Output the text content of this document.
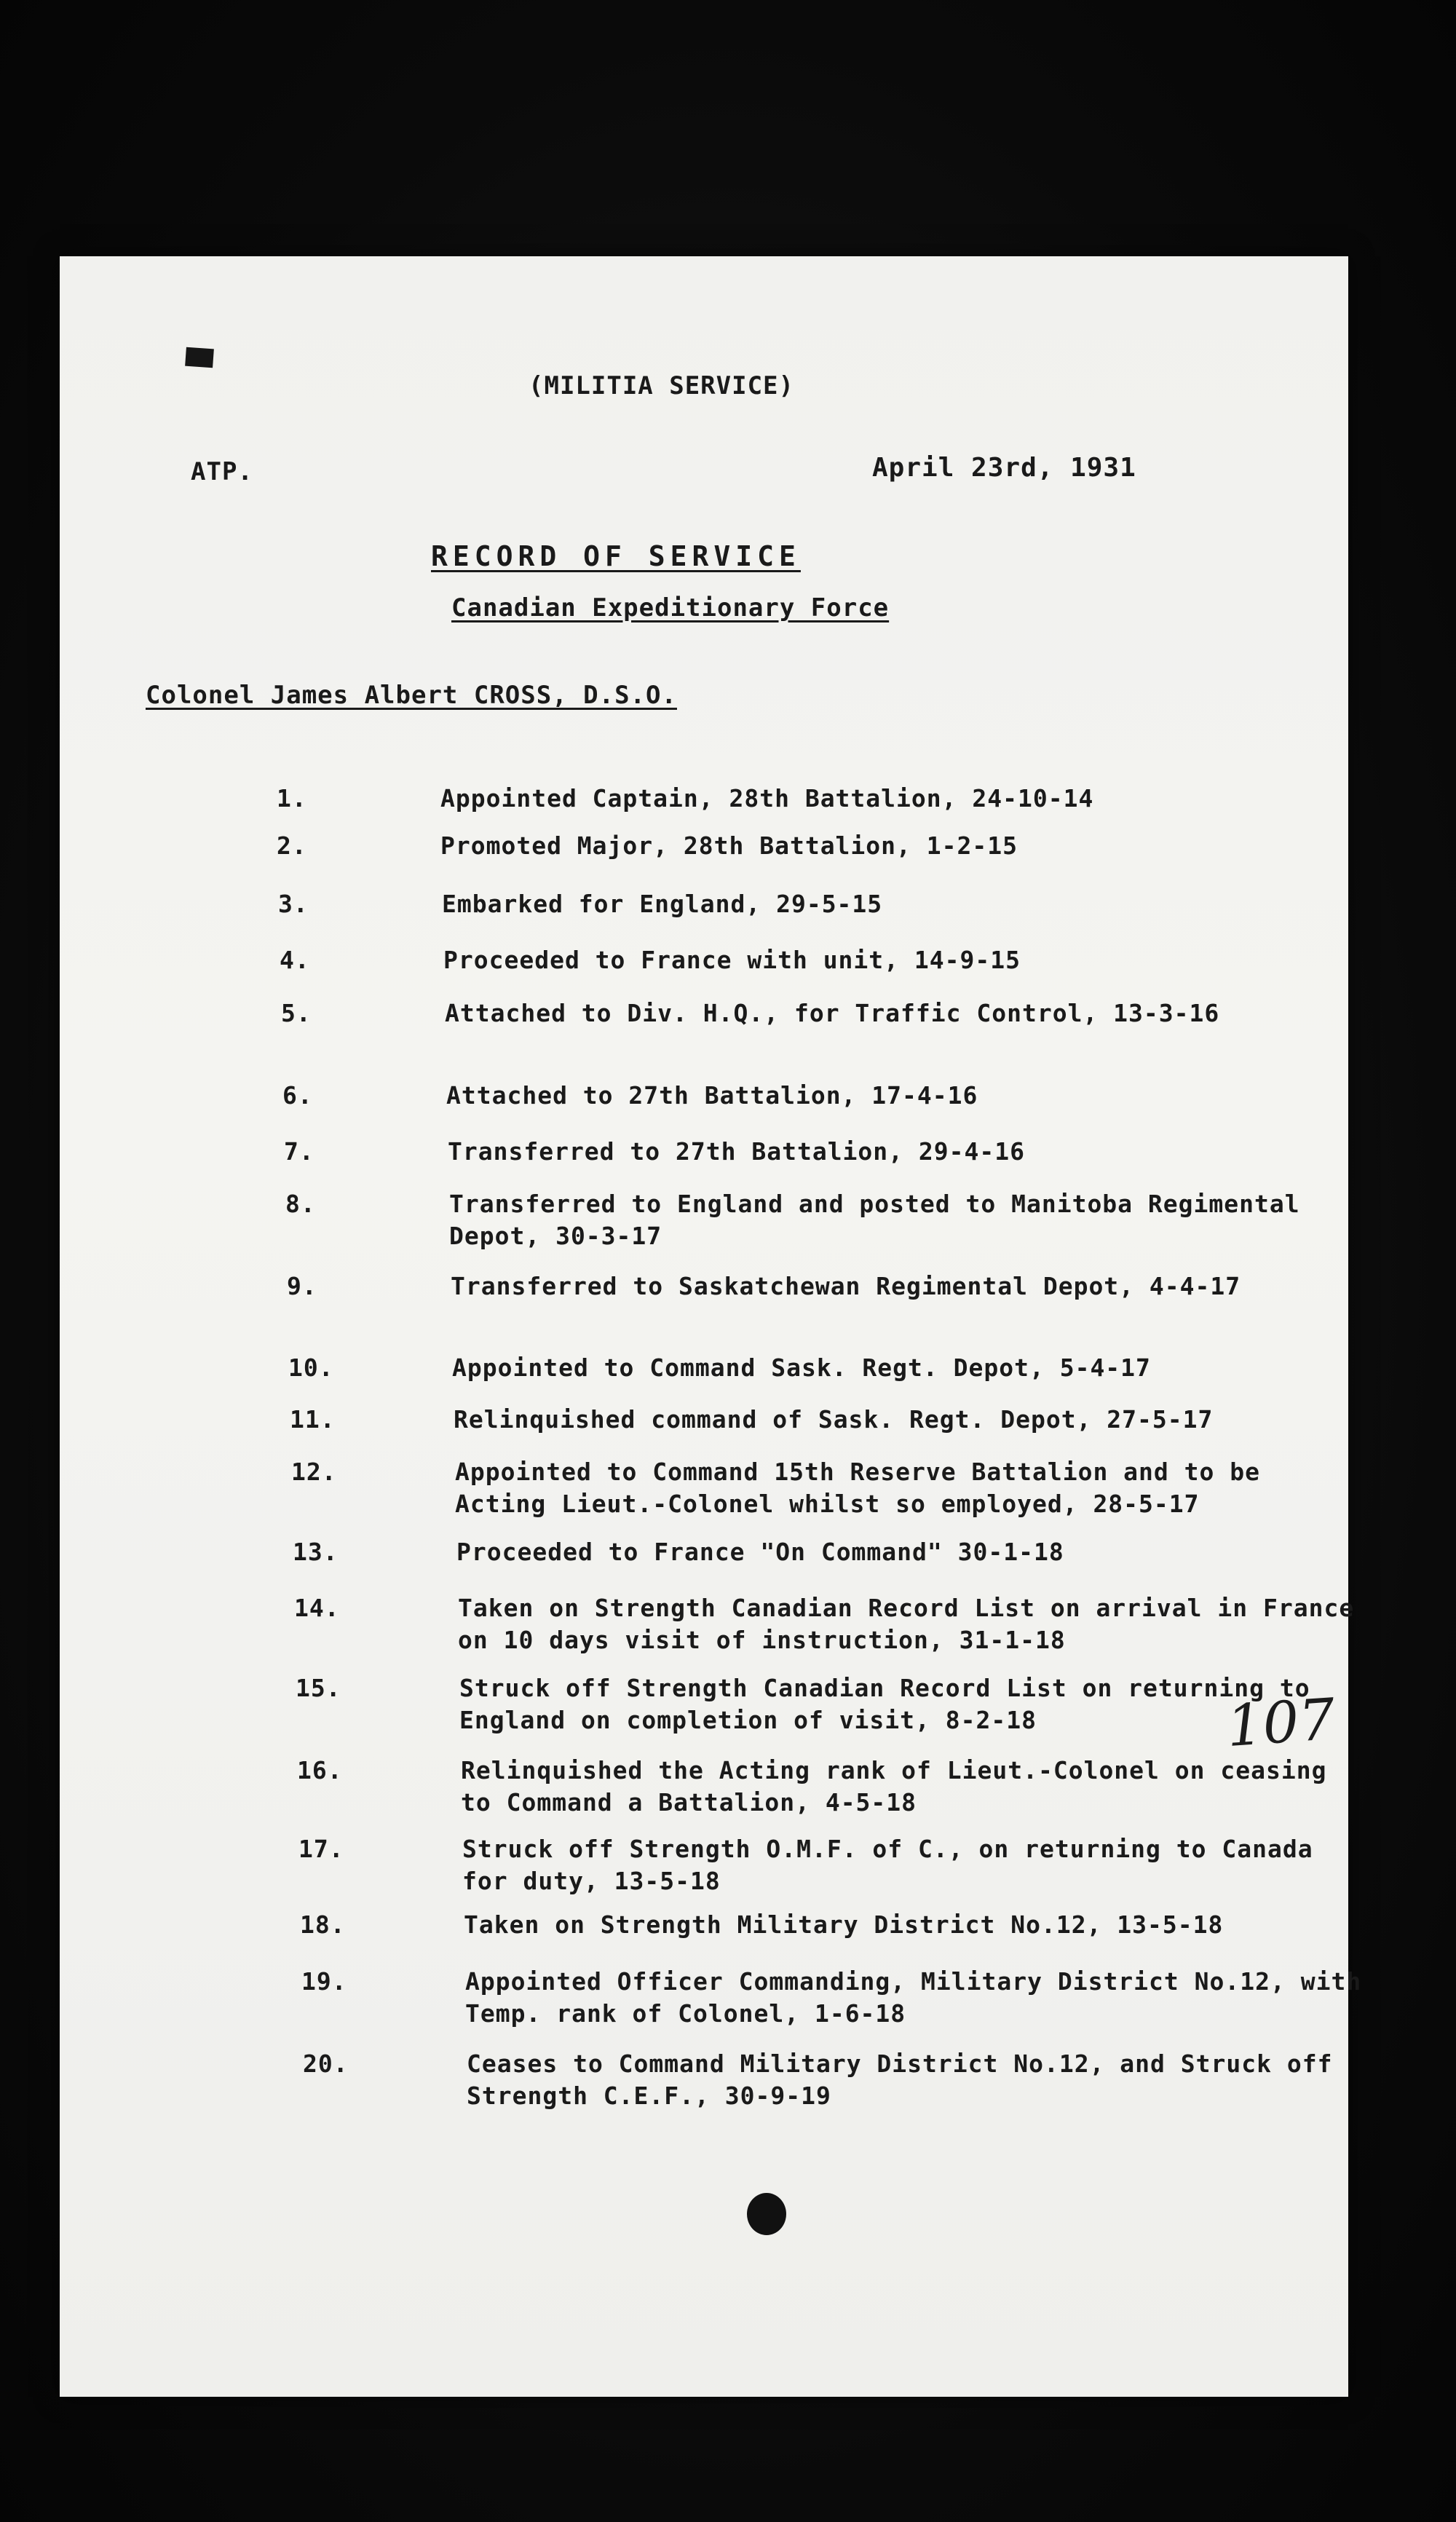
(MILITIA SERVICE)
ATP.	April 23rd, 1931
RECORD OF SERVICE
Canadian Expeditionary Force
Colonel James Albert CROSS, D.S.O.
1.	Appointed Captain, 28th Battalion, 24-10-14
2.	Promoted Major, 28th Battalion, 1-2-15
3.	Embarked for England, 29-5-15
4.	Proceeded to France with unit, 14-9-15
5.	Attached to Div. H.Q., for Traffic Control, 13-3-16
6.	Attached to 27th Battalion, 17-4-16
7.	Transferred to 27th Battalion, 29-4-16
8.	Transferred to England and posted to Manitoba Regimental Depot, 30-3-17
9.	Transferred to Saskatchewan Regimental Depot, 4-4-17
10.	Appointed to Command Sask. Regt. Depot, 5-4-17
11.	Relinquished command of Sask. Regt. Depot, 27-5-17
12.	Appointed to Command 15th Reserve Battalion and to be Acting Lieut.-Colonel whilst so employed, 28-5-17
13.	Proceeded to France "On Command" 30-1-18
14.	Taken on Strength Canadian Record List on arrival in France on 10 days visit of instruction, 31-1-18
15.	Struck off Strength Canadian Record List on returning to England on completion of visit, 8-2-18
16.	Relinquished the Acting rank of Lieut.-Colonel on ceasing to Command a Battalion, 4-5-18
17.	Struck off Strength O.M.F. of C., on returning to Canada for duty, 13-5-18
18.	Taken on Strength Military District No.12, 13-5-18
19.	Appointed Officer Commanding, Military District No.12, with Temp. rank of Colonel, 1-6-18
20.	Ceases to Command Military District No.12, and Struck off Strength C.E.F., 30-9-19
107
